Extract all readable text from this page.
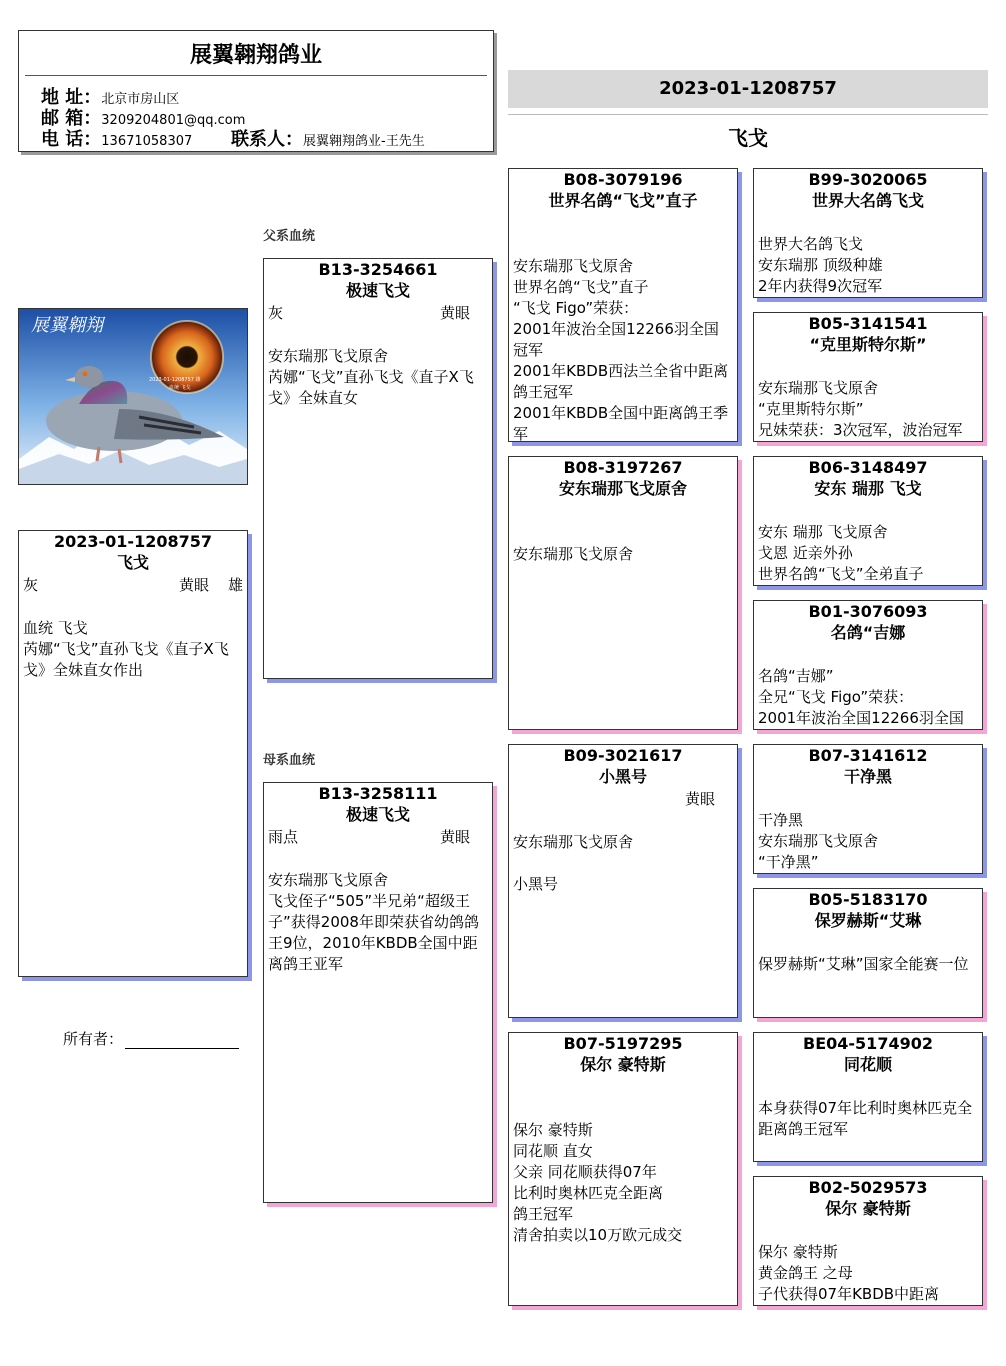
展翼翱翔鸽业
地 址：北京市房山区
邮 箱：3209204801@qq.com
电 话：13671058307 联系人：展翼翱翔鸽业-王先生
2023-01-1208757
飞戈
展翼翱翔
2023-01-1208757 雄
血统 飞戈
父系血统
母系血统
2023-01-1208757
飞戈
灰	黄眼 雄

血统 飞戈

芮娜“飞戈”直孙飞戈《直子X飞戈》全妹直女作出

B13-3254661
极速飞戈
灰	黄眼

安东瑞那飞戈原舍

芮娜“飞戈”直孙飞戈《直子X飞戈》全妹直女

B13-3258111
极速飞戈
雨点	黄眼

安东瑞那飞戈原舍

飞戈侄子“505”半兄弟“超级王子”获得2008年即荣获省幼鸽鸽王9位，2010年KBDB全国中距离鸽王亚军

B08-3079196
世界名鸽“飞戈”直子

安东瑞那飞戈原舍

世界名鸽“飞戈”直子

“飞戈 Figo”荣获：

2001年波治全国12266羽全国冠军

2001年KBDB西法兰全省中距离鸽王冠军

2001年KBDB全国中距离鸽王季军

B08-3197267
安东瑞那飞戈原舍

安东瑞那飞戈原舍

B09-3021617
小黑号
黄眼

安东瑞那飞戈原舍

小黑号

B07-5197295
保尔 豪特斯

保尔 豪特斯

同花顺 直女

父亲 同花顺获得07年

比利时奥林匹克全距离

鸽王冠军

清舍拍卖以10万欧元成交

B99-3020065
世界大名鸽飞戈

世界大名鸽飞戈

安东瑞那 顶级种雄

2年内获得9次冠军

B05-3141541
“克里斯特尔斯”

安东瑞那飞戈原舍

“克里斯特尔斯”

兄妹荣获：3次冠军，波治冠军

B06-3148497
安东 瑞那 飞戈

安东 瑞那 飞戈原舍

戈恩 近亲外孙

世界名鸽“飞戈”全弟直子

B01-3076093
名鸽“吉娜

名鸽“吉娜”

全兄“飞戈 Figo”荣获：

2001年波治全国12266羽全国

B07-3141612
干净黑

干净黑

安东瑞那飞戈原舍

“干净黑”

B05-5183170
保罗赫斯“艾琳

保罗赫斯“艾琳”国家全能赛一位

BE04-5174902
同花顺

本身获得07年比利时奥林匹克全距离鸽王冠军

B02-5029573
保尔 豪特斯

保尔 豪特斯

黄金鸽王 之母

子代获得07年KBDB中距离

所有者：
